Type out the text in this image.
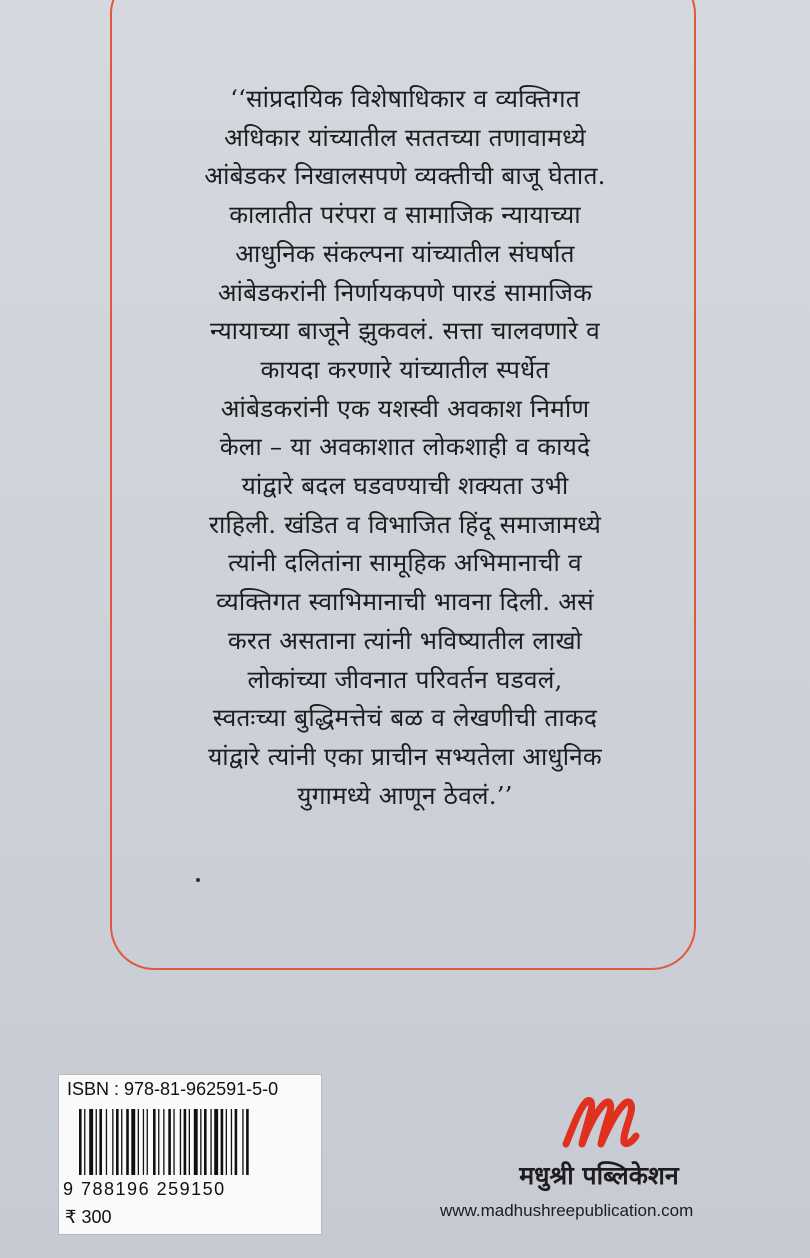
‘‘सांप्रदायिक विशेषाधिकार व व्यक्तिगत
अधिकार यांच्यातील सततच्या तणावामध्ये
आंबेडकर निखालसपणे व्यक्तीची बाजू घेतात.
कालातीत परंपरा व सामाजिक न्यायाच्या
आधुनिक संकल्पना यांच्यातील संघर्षात
आंबेडकरांनी निर्णायकपणे पारडं सामाजिक
न्यायाच्या बाजूने झुकवलं. सत्ता चालवणारे व
कायदा करणारे यांच्यातील स्पर्धेत
आंबेडकरांनी एक यशस्वी अवकाश निर्माण
केला – या अवकाशात लोकशाही व कायदे
यांद्वारे बदल घडवण्याची शक्यता उभी
राहिली. खंडित व विभाजित हिंदू समाजामध्ये
त्यांनी दलितांना सामूहिक अभिमानाची व
व्यक्तिगत स्वाभिमानाची भावना दिली. असं
करत असताना त्यांनी भविष्यातील लाखो
लोकांच्या जीवनात परिवर्तन घडवलं,
स्वतःच्या बुद्धिमत्तेचं बळ व लेखणीची ताकद
यांद्वारे त्यांनी एका प्राचीन सभ्यतेला आधुनिक
युगामध्ये आणून ठेवलं.’’
ISBN : 978-81-962591-5-0
9 788196 259150
₹ 300
मधुश्री पब्लिकेशन
www.madhushreepublication.com
